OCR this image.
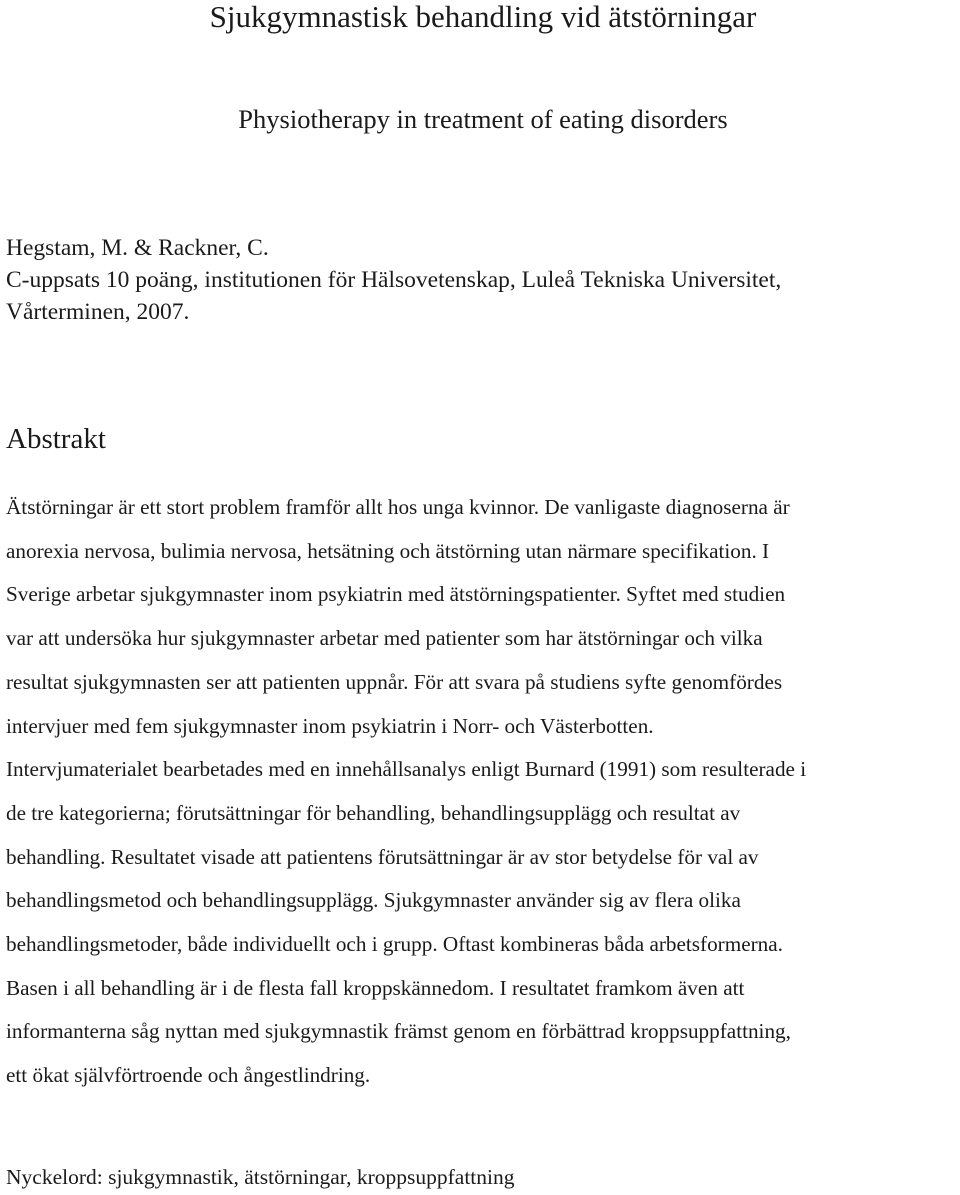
Sjukgymnastisk behandling vid ätstörningar
Physiotherapy in treatment of eating disorders
Hegstam, M. & Rackner, C.
C-uppsats 10 poäng, institutionen för Hälsovetenskap, Luleå Tekniska Universitet,
Vårterminen, 2007.
Abstrakt
Ätstörningar är ett stort problem framför allt hos unga kvinnor. De vanligaste diagnoserna är
anorexia nervosa, bulimia nervosa, hetsätning och ätstörning utan närmare specifikation. I
Sverige arbetar sjukgymnaster inom psykiatrin med ätstörningspatienter. Syftet med studien
var att undersöka hur sjukgymnaster arbetar med patienter som har ätstörningar och vilka
resultat sjukgymnasten ser att patienten uppnår. För att svara på studiens syfte genomfördes
intervjuer med fem sjukgymnaster inom psykiatrin i Norr- och Västerbotten.
Intervjumaterialet bearbetades med en innehållsanalys enligt Burnard (1991) som resulterade i
de tre kategorierna; förutsättningar för behandling, behandlingsupplägg och resultat av
behandling. Resultatet visade att patientens förutsättningar är av stor betydelse för val av
behandlingsmetod och behandlingsupplägg. Sjukgymnaster använder sig av flera olika
behandlingsmetoder, både individuellt och i grupp. Oftast kombineras båda arbetsformerna.
Basen i all behandling är i de flesta fall kroppskännedom. I resultatet framkom även att
informanterna såg nyttan med sjukgymnastik främst genom en förbättrad kroppsuppfattning,
ett ökat självförtroende och ångestlindring.
Nyckelord: sjukgymnastik, ätstörningar, kroppsuppfattning
